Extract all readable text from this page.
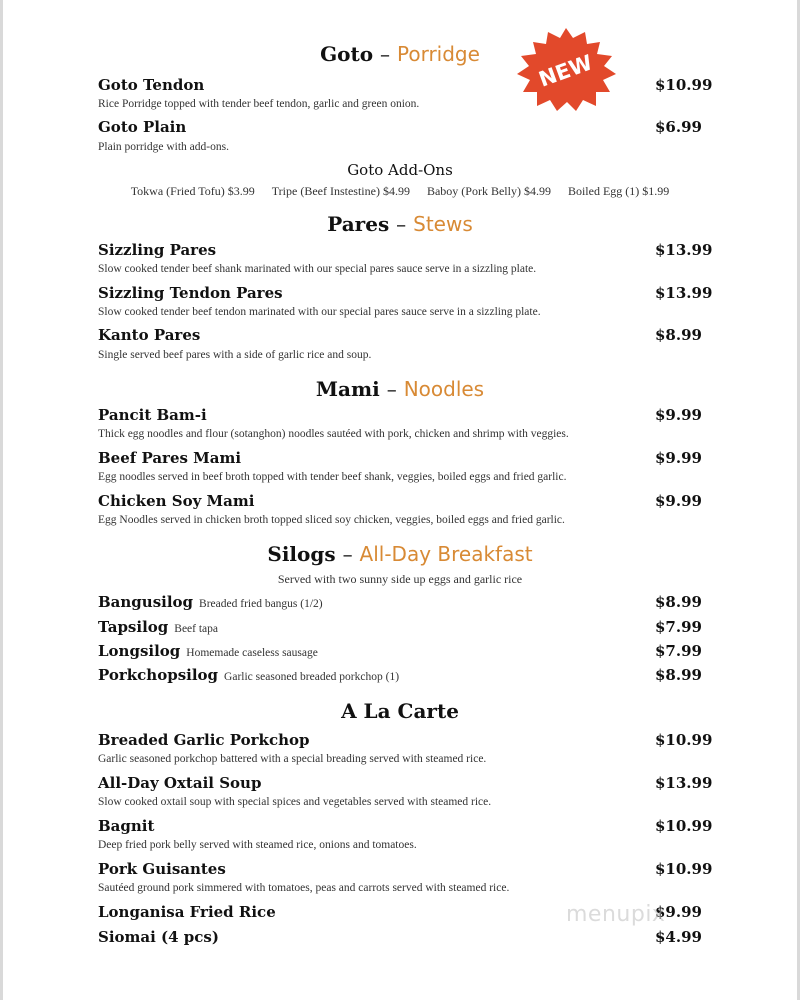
Goto – Porridge	NEW
Goto Tendon	$10.99
Rice Porridge topped with tender beef tendon, garlic and green onion.
Goto Plain	$6.99
Plain porridge with add-ons.
Goto Add-Ons
Tokwa (Fried Tofu) $3.99 Tripe (Beef Instestine) $4.99 Baboy (Pork Belly) $4.99 Boiled Egg (1) $1.99
Pares – Stews
Sizzling Pares	$13.99
Slow cooked tender beef shank marinated with our special pares sauce serve in a sizzling plate.
Sizzling Tendon Pares	$13.99
Slow cooked tender beef tendon marinated with our special pares sauce serve in a sizzling plate.
Kanto Pares	$8.99
Single served beef pares with a side of garlic rice and soup.
Mami – Noodles
Pancit Bam-i	$9.99
Thick egg noodles and flour (sotanghon) noodles sautéed with pork, chicken and shrimp with veggies.
Beef Pares Mami	$9.99
Egg noodles served in beef broth topped with tender beef shank, veggies, boiled eggs and fried garlic.
Chicken Soy Mami	$9.99
Egg Noodles served in chicken broth topped sliced soy chicken, veggies, boiled eggs and fried garlic.
Silogs – All-Day Breakfast
Served with two sunny side up eggs and garlic rice
Bangusilog Breaded fried bangus (1/2)	$8.99
Tapsilog Beef tapa	$7.99
Longsilog Homemade caseless sausage	$7.99
Porkchopsilog Garlic seasoned breaded porkchop (1)	$8.99
A La Carte
Breaded Garlic Porkchop	$10.99
Garlic seasoned porkchop battered with a special breading served with steamed rice.
All-Day Oxtail Soup	$13.99
Slow cooked oxtail soup with special spices and vegetables served with steamed rice.
Bagnit	$10.99
Deep fried pork belly served with steamed rice, onions and tomatoes.
Pork Guisantes	$10.99
Sautéed ground pork simmered with tomatoes, peas and carrots served with steamed rice.
Longanisa Fried Rice	$9.99
Siomai (4 pcs)	$4.99
menupix
